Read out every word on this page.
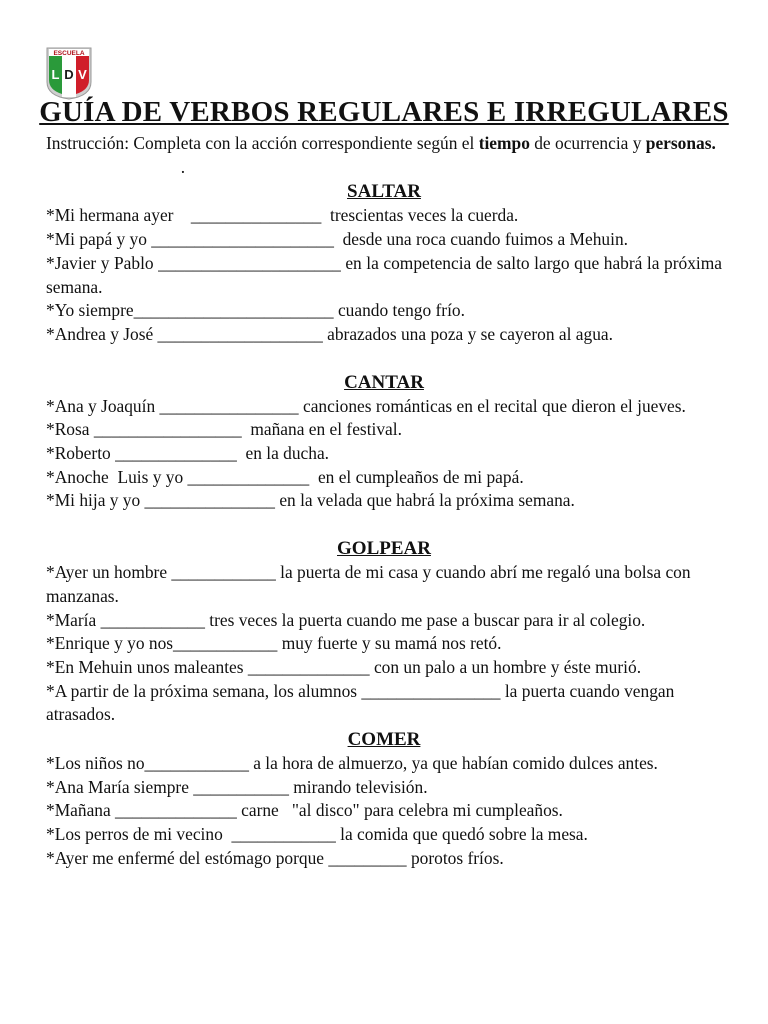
ESCUELA
L D V
GUÍA DE VERBOS REGULARES E IRREGULARES

Instrucción: Completa con la acción correspondiente según el tiempo de ocurrencia y personas.                               .

SALTAR

*Mi hermana ayer    _______________  trescientas veces la cuerda.

*Mi papá y yo _____________________  desde una roca cuando fuimos a Mehuin.

*Javier y Pablo _____________________ en la competencia de salto largo que habrá la próxima semana.

*Yo siempre_______________________ cuando tengo frío.

*Andrea y José ___________________ abrazados una poza y se cayeron al agua.

CANTAR

*Ana y Joaquín ________________ canciones románticas en el recital que dieron el jueves.

*Rosa _________________  mañana en el festival.

*Roberto ______________  en la ducha.

*Anoche  Luis y yo ______________  en el cumpleaños de mi papá.

*Mi hija y yo _______________ en la velada que habrá la próxima semana.

GOLPEAR

*Ayer un hombre ____________ la puerta de mi casa y cuando abrí me regaló una bolsa con manzanas.

*María ____________ tres veces la puerta cuando me pase a buscar para ir al colegio.

*Enrique y yo nos____________ muy fuerte y su mamá nos retó.

*En Mehuin unos maleantes ______________ con un palo a un hombre y éste murió.

*A partir de la próxima semana, los alumnos ________________ la puerta cuando vengan atrasados.

COMER

*Los niños no____________ a la hora de almuerzo, ya que habían comido dulces antes.

*Ana María siempre ___________ mirando televisión.

*Mañana ______________ carne   "al disco" para celebra mi cumpleaños.

*Los perros de mi vecino  ____________ la comida que quedó sobre la mesa.

*Ayer me enfermé del estómago porque _________ porotos fríos.
